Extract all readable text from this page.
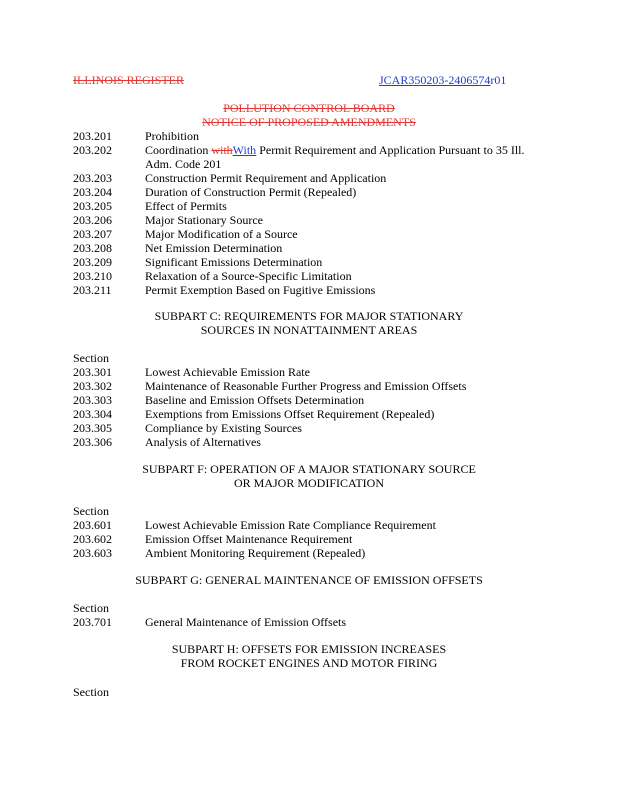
ILLINOIS REGISTER	JCAR350203-2406574r01
POLLUTION CONTROL BOARD
NOTICE OF PROPOSED AMENDMENTS
203.201	Prohibition
203.202	Coordination withWith Permit Requirement and Application Pursuant to 35 Ill.
Adm. Code 201
203.203	Construction Permit Requirement and Application
203.204	Duration of Construction Permit (Repealed)
203.205	Effect of Permits
203.206	Major Stationary Source
203.207	Major Modification of a Source
203.208	Net Emission Determination
203.209	Significant Emissions Determination
203.210	Relaxation of a Source-Specific Limitation
203.211	Permit Exemption Based on Fugitive Emissions
SUBPART C: REQUIREMENTS FOR MAJOR STATIONARY
SOURCES IN NONATTAINMENT AREAS
Section
203.301	Lowest Achievable Emission Rate
203.302	Maintenance of Reasonable Further Progress and Emission Offsets
203.303	Baseline and Emission Offsets Determination
203.304	Exemptions from Emissions Offset Requirement (Repealed)
203.305	Compliance by Existing Sources
203.306	Analysis of Alternatives
SUBPART F: OPERATION OF A MAJOR STATIONARY SOURCE
OR MAJOR MODIFICATION
Section
203.601	Lowest Achievable Emission Rate Compliance Requirement
203.602	Emission Offset Maintenance Requirement
203.603	Ambient Monitoring Requirement (Repealed)
SUBPART G: GENERAL MAINTENANCE OF EMISSION OFFSETS
Section
203.701	General Maintenance of Emission Offsets
SUBPART H: OFFSETS FOR EMISSION INCREASES
FROM ROCKET ENGINES AND MOTOR FIRING
Section
